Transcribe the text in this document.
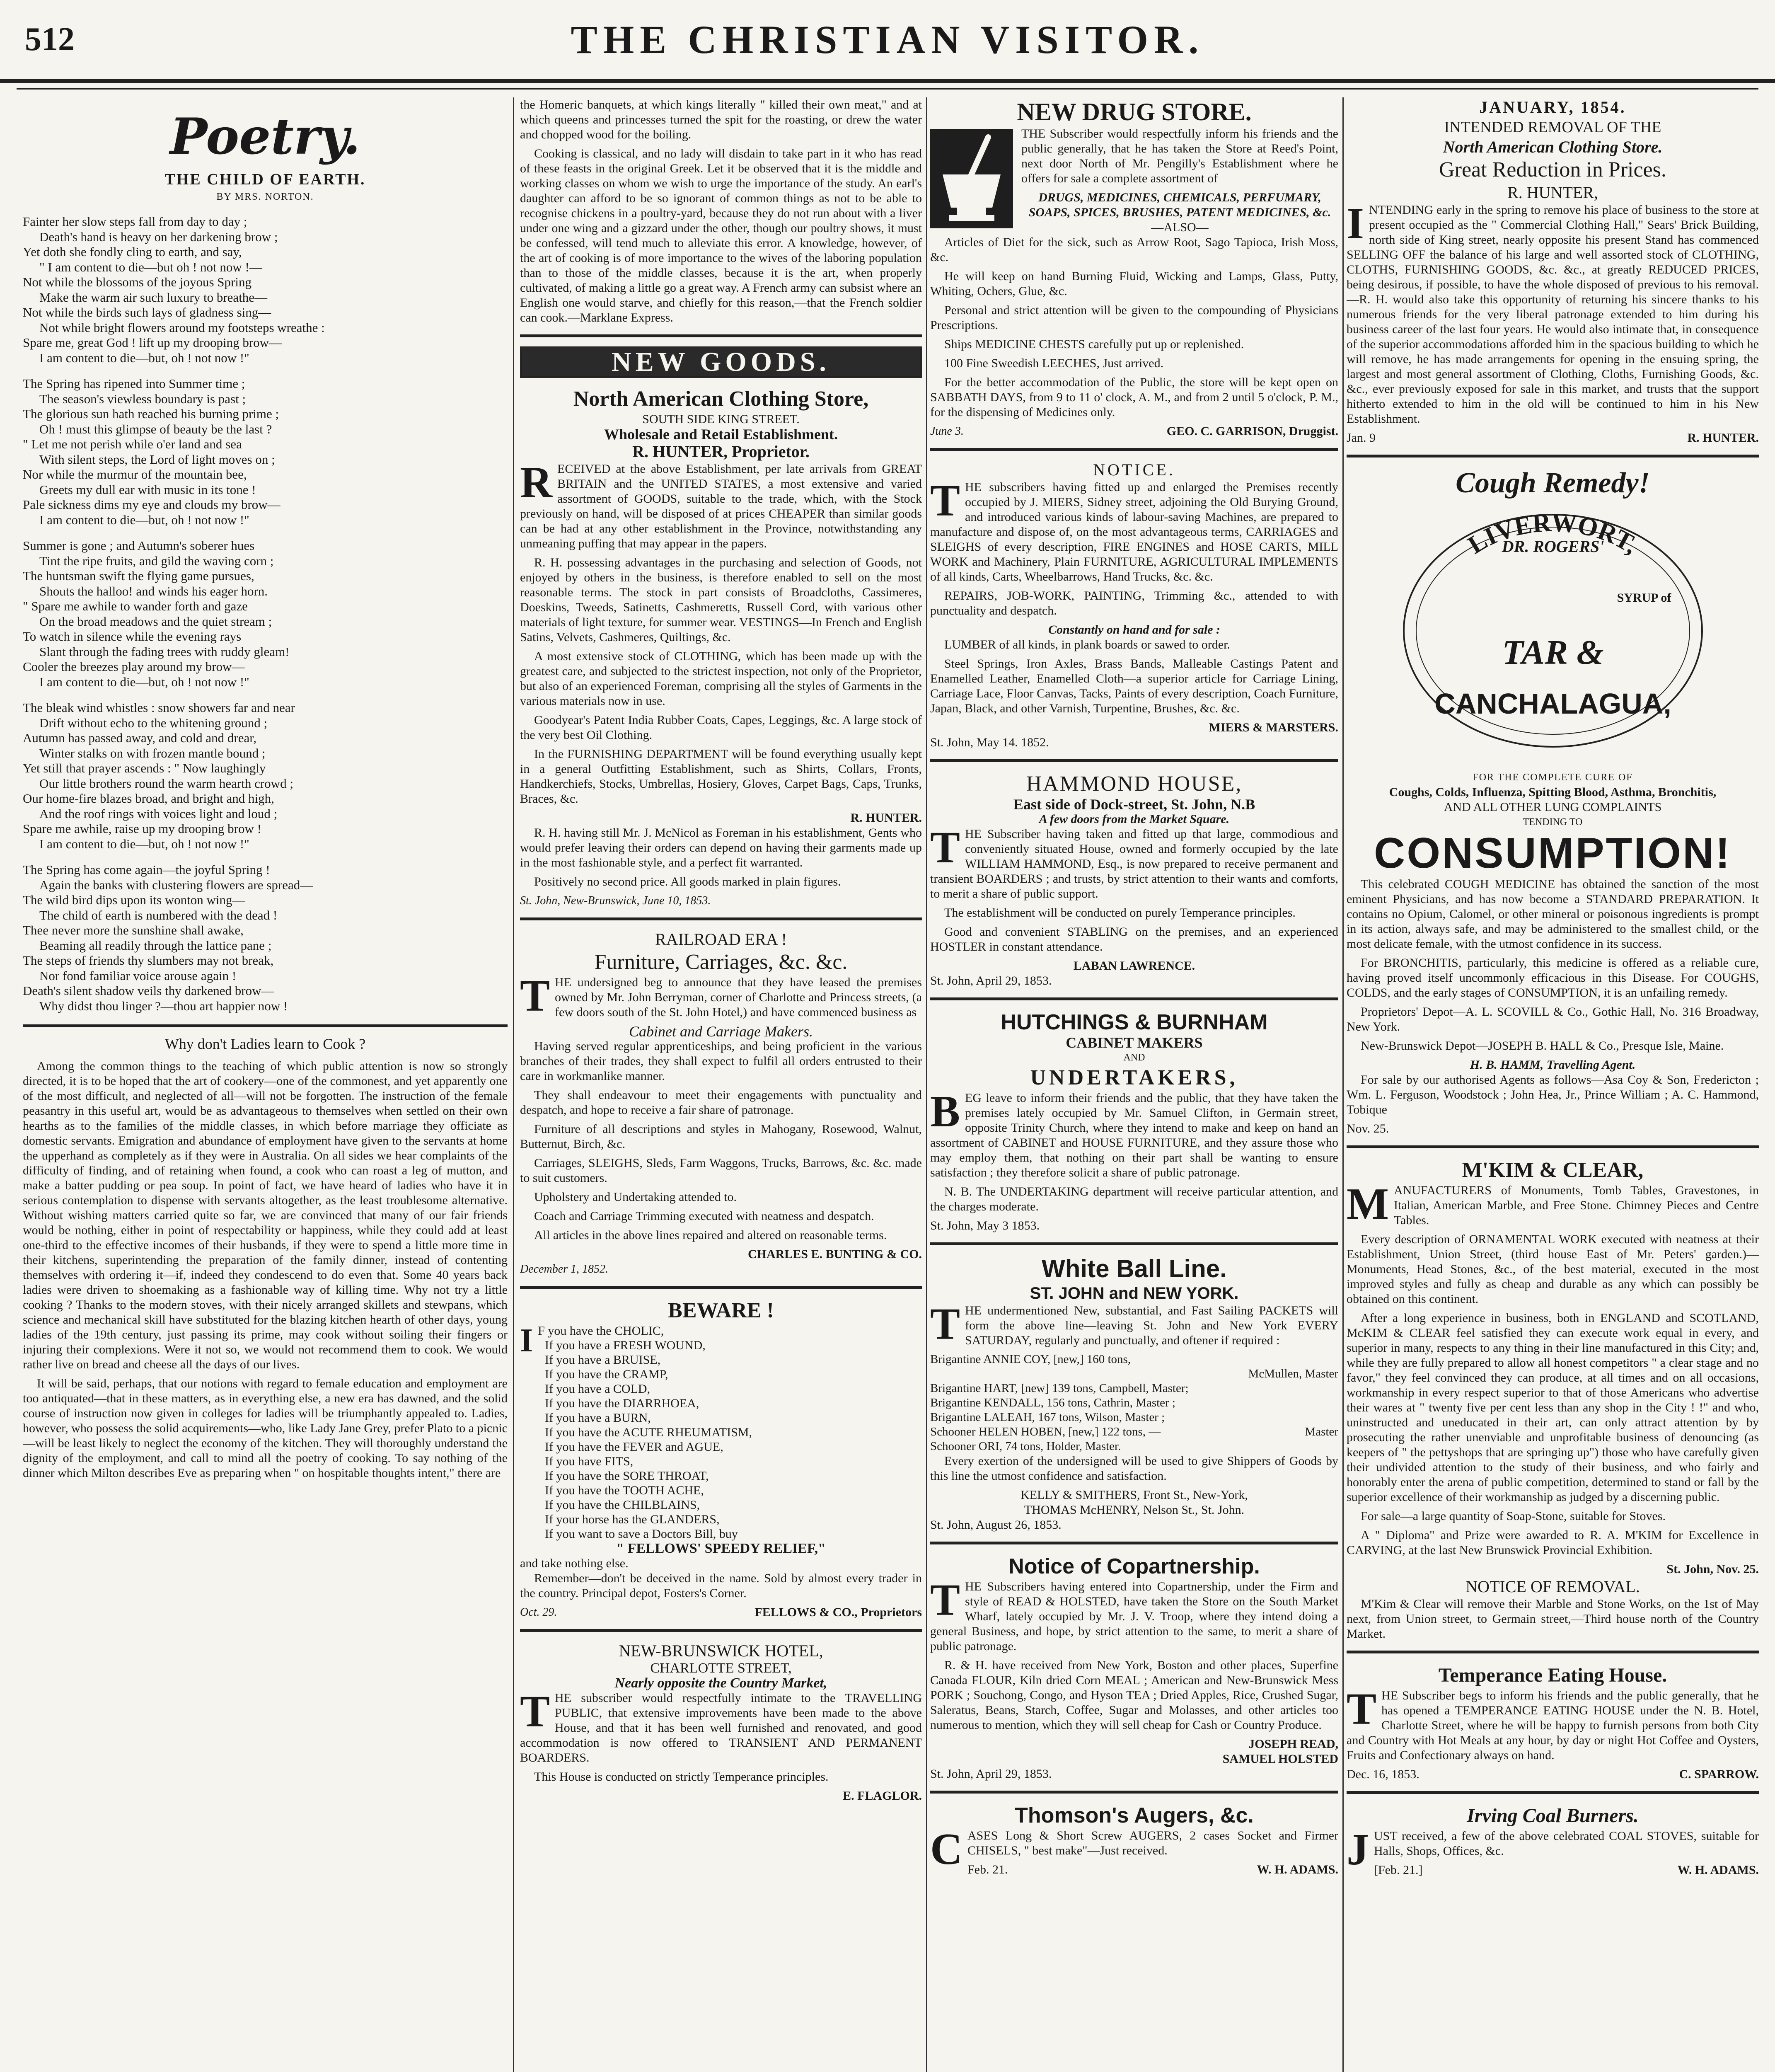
512	THE CHRISTIAN VISITOR.
Poetry.
THE CHILD OF EARTH.
BY MRS. NORTON.
Fainter her slow steps fall from day to day ;
Death's hand is heavy on her darkening brow ;
Yet doth she fondly cling to earth, and say,
" I am content to die—but oh ! not now !—
Not while the blossoms of the joyous Spring
Make the warm air such luxury to breathe—
Not while the birds such lays of gladness sing—
Not while bright flowers around my footsteps wreathe :
Spare me, great God ! lift up my drooping brow—
I am content to die—but, oh ! not now !"
The Spring has ripened into Summer time ;
The season's viewless boundary is past ;
The glorious sun hath reached his burning prime ;
Oh ! must this glimpse of beauty be the last ?
" Let me not perish while o'er land and sea
With silent steps, the Lord of light moves on ;
Nor while the murmur of the mountain bee,
Greets my dull ear with music in its tone !
Pale sickness dims my eye and clouds my brow—
I am content to die—but, oh ! not now !"
Summer is gone ; and Autumn's soberer hues
Tint the ripe fruits, and gild the waving corn ;
The huntsman swift the flying game pursues,
Shouts the halloo! and winds his eager horn.
" Spare me awhile to wander forth and gaze
On the broad meadows and the quiet stream ;
To watch in silence while the evening rays
Slant through the fading trees with ruddy gleam!
Cooler the breezes play around my brow—
I am content to die—but, oh ! not now !"
The bleak wind whistles : snow showers far and near
Drift without echo to the whitening ground ;
Autumn has passed away, and cold and drear,
Winter stalks on with frozen mantle bound ;
Yet still that prayer ascends : " Now laughingly
Our little brothers round the warm hearth crowd ;
Our home-fire blazes broad, and bright and high,
And the roof rings with voices light and loud ;
Spare me awhile, raise up my drooping brow !
I am content to die—but, oh ! not now !"
The Spring has come again—the joyful Spring !
Again the banks with clustering flowers are spread—
The wild bird dips upon its wonton wing—
The child of earth is numbered with the dead !
Thee never more the sunshine shall awake,
Beaming all readily through the lattice pane ;
The steps of friends thy slumbers may not break,
Nor fond familiar voice arouse again !
Death's silent shadow veils thy darkened brow—
Why didst thou linger ?—thou art happier now !
Why don't Ladies learn to Cook ?

Among the common things to the teaching of which public attention is now so strongly directed, it is to be hoped that the art of cookery—one of the commonest, and yet apparently one of the most difficult, and neglected of all—will not be forgotten. The instruction of the female peasantry in this useful art, would be as advantageous to themselves when settled on their own hearths as to the families of the middle classes, in which before marriage they officiate as domestic servants. Emigration and abundance of employment have given to the servants at home the upperhand as completely as if they were in Australia. On all sides we hear complaints of the difficulty of finding, and of retaining when found, a cook who can roast a leg of mutton, and make a batter pudding or pea soup. In point of fact, we have heard of ladies who have it in serious contemplation to dispense with servants altogether, as the least troublesome alternative. Without wishing matters carried quite so far, we are convinced that many of our fair friends would be nothing, either in point of respectability or happiness, while they could add at least one-third to the effective incomes of their husbands, if they were to spend a little more time in their kitchens, superintending the preparation of the family dinner, instead of contenting themselves with ordering it—if, indeed they condescend to do even that. Some 40 years back ladies were driven to shoemaking as a fashionable way of killing time. Why not try a little cooking ? Thanks to the modern stoves, with their nicely arranged skillets and stewpans, which science and mechanical skill have substituted for the blazing kitchen hearth of other days, young ladies of the 19th century, just passing its prime, may cook without soiling their fingers or injuring their complexions. Were it not so, we would not recommend them to cook. We would rather live on bread and cheese all the days of our lives.

It will be said, perhaps, that our notions with regard to female education and employment are too antiquated—that in these matters, as in everything else, a new era has dawned, and the solid course of instruction now given in colleges for ladies will be triumphantly appealed to. Ladies, however, who possess the solid acquirements—who, like Lady Jane Grey, prefer Plato to a picnic—will be least likely to neglect the economy of the kitchen. They will thoroughly understand the dignity of the employment, and call to mind all the poetry of cooking. To say nothing of the dinner which Milton describes Eve as preparing when " on hospitable thoughts intent," there are

the Homeric banquets, at which kings literally " killed their own meat," and at which queens and princesses turned the spit for the roasting, or drew the water and chopped wood for the boiling.

Cooking is classical, and no lady will disdain to take part in it who has read of these feasts in the original Greek. Let it be observed that it is the middle and working classes on whom we wish to urge the importance of the study. An earl's daughter can afford to be so ignorant of common things as not to be able to recognise chickens in a poultry-yard, because they do not run about with a liver under one wing and a gizzard under the other, though our poultry shows, it must be confessed, will tend much to alleviate this error. A knowledge, however, of the art of cooking is of more importance to the wives of the laboring population than to those of the middle classes, because it is the art, when properly cultivated, of making a little go a great way. A French army can subsist where an English one would starve, and chiefly for this reason,—that the French soldier can cook.—Marklane Express.

NEW GOODS.
North American Clothing Store,
SOUTH SIDE KING STREET.
Wholesale and Retail Establishment.
R. HUNTER, Proprietor.

RECEIVED at the above Establishment, per late arrivals from GREAT BRITAIN and the UNITED STATES, a most extensive and varied assortment of GOODS, suitable to the trade, which, with the Stock previously on hand, will be disposed of at prices CHEAPER than similar goods can be had at any other establishment in the Province, notwithstanding any unmeaning puffing that may appear in the papers.

R. H. possessing advantages in the purchasing and selection of Goods, not enjoyed by others in the business, is therefore enabled to sell on the most reasonable terms. The stock in part consists of Broadcloths, Cassimeres, Doeskins, Tweeds, Satinetts, Cashmeretts, Russell Cord, with various other materials of light texture, for summer wear. VESTINGS—In French and English Satins, Velvets, Cashmeres, Quiltings, &c.

A most extensive stock of CLOTHING, which has been made up with the greatest care, and subjected to the strictest inspection, not only of the Proprietor, but also of an experienced Foreman, comprising all the styles of Garments in the various materials now in use.

Goodyear's Patent India Rubber Coats, Capes, Leggings, &c. A large stock of the very best Oil Clothing.

In the FURNISHING DEPARTMENT will be found everything usually kept in a general Outfitting Establishment, such as Shirts, Collars, Fronts, Handkerchiefs, Stocks, Umbrellas, Hosiery, Gloves, Carpet Bags, Caps, Trunks, Braces, &c.

R. HUNTER.

R. H. having still Mr. J. McNicol as Foreman in his establishment, Gents who would prefer leaving their orders can depend on having their garments made up in the most fashionable style, and a perfect fit warranted.

Positively no second price. All goods marked in plain figures.

St. John, New-Brunswick, June 10, 1853.
RAILROAD ERA !
Furniture, Carriages, &c. &c.

THE undersigned beg to announce that they have leased the premises owned by Mr. John Berryman, corner of Charlotte and Princess streets, (a few doors south of the St. John Hotel,) and have commenced business as

Cabinet and Carriage Makers.

Having served regular apprenticeships, and being proficient in the various branches of their trades, they shall expect to fulfil all orders entrusted to their care in workmanlike manner.

They shall endeavour to meet their engagements with punctuality and despatch, and hope to receive a fair share of patronage.

Furniture of all descriptions and styles in Mahogany, Rosewood, Walnut, Butternut, Birch, &c.

Carriages, SLEIGHS, Sleds, Farm Waggons, Trucks, Barrows, &c. &c. made to suit customers.

Upholstery and Undertaking attended to.

Coach and Carriage Trimming executed with neatness and despatch.

All articles in the above lines repaired and altered on reasonable terms.

CHARLES E. BUNTING & CO.
December 1, 1852.
BEWARE !
I F you have the CHOLIC,
If you have a FRESH WOUND,
If you have a BRUISE,
If you have the CRAMP,
If you have a COLD,
If you have the DIARRHOEA,
If you have a BURN,
If you have the ACUTE RHEUMATISM,
If you have the FEVER and AGUE,
If you have FITS,
If you have the SORE THROAT,
If you have the TOOTH ACHE,
If you have the CHILBLAINS,
If your horse has the GLANDERS,
If you want to save a Doctors Bill, buy
" FELLOWS' SPEEDY RELIEF,"
and take nothing else.

Remember—don't be deceived in the name. Sold by almost every trader in the country. Principal depot, Fosters's Corner.

Oct. 29.	FELLOWS & CO., Proprietors
NEW-BRUNSWICK HOTEL,
CHARLOTTE STREET,
Nearly opposite the Country Market,

THE subscriber would respectfully intimate to the TRAVELLING PUBLIC, that extensive improvements have been made to the above House, and that it has been well furnished and renovated, and good accommodation is now offered to TRANSIENT AND PERMANENT BOARDERS.

This House is conducted on strictly Temperance principles.

E. FLAGLOR.
NEW DRUG STORE.

THE Subscriber would respectfully inform his friends and the public generally, that he has taken the Store at Reed's Point, next door North of Mr. Pengilly's Establishment where he offers for sale a complete assortment of

DRUGS, MEDICINES, CHEMICALS, PERFUMARY, SOAPS, SPICES, BRUSHES, PATENT MEDICINES, &c.
—ALSO—

Articles of Diet for the sick, such as Arrow Root, Sago Tapioca, Irish Moss, &c.

He will keep on hand Burning Fluid, Wicking and Lamps, Glass, Putty, Whiting, Ochers, Glue, &c.

Personal and strict attention will be given to the compounding of Physicians Prescriptions.

Ships MEDICINE CHESTS carefully put up or replenished.

100 Fine Sweedish LEECHES, Just arrived.

For the better accommodation of the Public, the store will be kept open on SABBATH DAYS, from 9 to 11 o' clock, A. M., and from 2 until 5 o'clock, P. M., for the dispensing of Medicines only.

June 3.	GEO. C. GARRISON, Druggist.
NOTICE.

THE subscribers having fitted up and enlarged the Premises recently occupied by J. MIERS, Sidney street, adjoining the Old Burying Ground, and introduced various kinds of labour-saving Machines, are prepared to manufacture and dispose of, on the most advantageous terms, CARRIAGES and SLEIGHS of every description, FIRE ENGINES and HOSE CARTS, MILL WORK and Machinery, Plain FURNITURE, AGRICULTURAL IMPLEMENTS of all kinds, Carts, Wheelbarrows, Hand Trucks, &c. &c.

REPAIRS, JOB-WORK, PAINTING, Trimming &c., attended to with punctuality and despatch.

Constantly on hand and for sale :

LUMBER of all kinds, in plank boards or sawed to order.

Steel Springs, Iron Axles, Brass Bands, Malleable Castings Patent and Enamelled Leather, Enamelled Cloth—a superior article for Carriage Lining, Carriage Lace, Floor Canvas, Tacks, Paints of every description, Coach Furniture, Japan, Black, and other Varnish, Turpentine, Brushes, &c. &c.

MIERS & MARSTERS.
St. John, May 14. 1852.
HAMMOND HOUSE,
East side of Dock-street, St. John, N.B
A few doors from the Market Square.

THE Subscriber having taken and fitted up that large, commodious and conveniently situated House, owned and formerly occupied by the late WILLIAM HAMMOND, Esq., is now prepared to receive permanent and transient BOARDERS ; and trusts, by strict attention to their wants and comforts, to merit a share of public support.

The establishment will be conducted on purely Temperance principles.

Good and convenient STABLING on the premises, and an experienced HOSTLER in constant attendance.

LABAN LAWRENCE.
St. John, April 29, 1853.
HUTCHINGS & BURNHAM
CABINET MAKERS
AND
UNDERTAKERS,

BEG leave to inform their friends and the public, that they have taken the premises lately occupied by Mr. Samuel Clifton, in Germain street, opposite Trinity Church, where they intend to make and keep on hand an assortment of CABINET and HOUSE FURNITURE, and they assure those who may employ them, that nothing on their part shall be wanting to ensure satisfaction ; they therefore solicit a share of public patronage.

N. B. The UNDERTAKING department will receive particular attention, and the charges moderate.

St. John, May 3 1853.
White Ball Line.
ST. JOHN and NEW YORK.

THE undermentioned New, substantial, and Fast Sailing PACKETS will form the above line—leaving St. John and New York EVERY SATURDAY, regularly and punctually, and oftener if required :

Brigantine ANNIE COY, [new,] 160 tons,
McMullen, Master
Brigantine HART, [new] 139 tons, Campbell, Master;
Brigantine KENDALL, 156 tons, Cathrin, Master ;
Brigantine LALEAH, 167 tons, Wilson, Master ;
Schooner HELEN HOBEN, [new,] 122 tons, —	Master
Schooner ORI, 74 tons, Holder, Master.

Every exertion of the undersigned will be used to give Shippers of Goods by this line the utmost confidence and satisfaction.

KELLY & SMITHERS, Front St., New-York,
THOMAS McHENRY, Nelson St., St. John.
St. John, August 26, 1853.
Notice of Copartnership.

THE Subscribers having entered into Copartnership, under the Firm and style of READ & HOLSTED, have taken the Store on the South Market Wharf, lately occupied by Mr. J. V. Troop, where they intend doing a general Business, and hope, by strict attention to the same, to merit a share of public patronage.

R. & H. have received from New York, Boston and other places, Superfine Canada FLOUR, Kiln dried Corn MEAL ; American and New-Brunswick Mess PORK ; Souchong, Congo, and Hyson TEA ; Dried Apples, Rice, Crushed Sugar, Saleratus, Beans, Starch, Coffee, Sugar and Molasses, and other articles too numerous to mention, which they will sell cheap for Cash or Country Produce.

JOSEPH READ,
SAMUEL HOLSTED
St. John, April 29, 1853.
Thomson's Augers, &c.

CASES Long & Short Screw AUGERS, 2 cases Socket and Firmer CHISELS, " best make"—Just received.

Feb. 21.	W. H. ADAMS.
JANUARY, 1854.
INTENDED REMOVAL OF THE
North American Clothing Store.
Great Reduction in Prices.
R. HUNTER,

INTENDING early in the spring to remove his place of business to the store at present occupied as the " Commercial Clothing Hall," Sears' Brick Building, north side of King street, nearly opposite his present Stand has commenced SELLING OFF the balance of his large and well assorted stock of CLOTHING, CLOTHS, FURNISHING GOODS, &c. &c., at greatly REDUCED PRICES, being desirous, if possible, to have the whole disposed of previous to his removal.—R. H. would also take this opportunity of returning his sincere thanks to his numerous friends for the very liberal patronage extended to him during his business career of the last four years. He would also intimate that, in consequence of the superior accommodations afforded him in the spacious building to which he will remove, he has made arrangements for opening in the ensuing spring, the largest and most general assortment of Clothing, Cloths, Furnishing Goods, &c. &c., ever previously exposed for sale in this market, and trusts that the support hitherto extended to him in the old will be continued to him in his New Establishment.

Jan. 9	R. HUNTER.
Cough Remedy!
LIVERWORT,
DR. ROGERS'
SYRUP of
TAR &
CANCHALAGUA,
FOR THE COMPLETE CURE OF
Coughs, Colds, Influenza, Spitting Blood, Asthma, Bronchitis,
AND ALL OTHER LUNG COMPLAINTS
TENDING TO
CONSUMPTION!

This celebrated COUGH MEDICINE has obtained the sanction of the most eminent Physicians, and has now become a STANDARD PREPARATION. It contains no Opium, Calomel, or other mineral or poisonous ingredients is prompt in its action, always safe, and may be administered to the smallest child, or the most delicate female, with the utmost confidence in its success.

For BRONCHITIS, particularly, this medicine is offered as a reliable cure, having proved itself uncommonly efficacious in this Disease. For COUGHS, COLDS, and the early stages of CONSUMPTION, it is an unfailing remedy.

Proprietors' Depot—A. L. SCOVILL & Co., Gothic Hall, No. 316 Broadway, New York.

New-Brunswick Depot—JOSEPH B. HALL & Co., Presque Isle, Maine.

H. B. HAMM, Travelling Agent.

For sale by our authorised Agents as follows—Asa Coy & Son, Fredericton ; Wm. L. Ferguson, Woodstock ; John Hea, Jr., Prince William ; A. C. Hammond, Tobique

Nov. 25.
M'KIM & CLEAR,

MANUFACTURERS of Monuments, Tomb Tables, Gravestones, in Italian, American Marble, and Free Stone. Chimney Pieces and Centre Tables.

Every description of ORNAMENTAL WORK executed with neatness at their Establishment, Union Street, (third house East of Mr. Peters' garden.)—Monuments, Head Stones, &c., of the best material, executed in the most improved styles and fully as cheap and durable as any which can possibly be obtained on this continent.

After a long experience in business, both in ENGLAND and SCOTLAND, McKIM & CLEAR feel satisfied they can execute work equal in every, and superior in many, respects to any thing in their line manufactured in this City; and, while they are fully prepared to allow all honest competitors " a clear stage and no favor," they feel convinced they can produce, at all times and on all occasions, workmanship in every respect superior to that of those Americans who advertise their wares at " twenty five per cent less than any shop in the City ! !" and who, uninstructed and uneducated in their art, can only attract attention by by prosecuting the rather unenviable and unprofitable business of denouncing (as keepers of " the pettyshops that are springing up") those who have carefully given their undivided attention to the study of their business, and who fairly and honorably enter the arena of public competition, determined to stand or fall by the superior excellence of their workmanship as judged by a discerning public.

For sale—a large quantity of Soap-Stone, suitable for Stoves.

A " Diploma" and Prize were awarded to R. A. M'KIM for Excellence in CARVING, at the last New Brunswick Provincial Exhibition.

St. John, Nov. 25.
NOTICE OF REMOVAL.

M'Kim & Clear will remove their Marble and Stone Works, on the 1st of May next, from Union street, to Germain street,—Third house north of the Country Market.

Temperance Eating House.

THE Subscriber begs to inform his friends and the public generally, that he has opened a TEMPERANCE EATING HOUSE under the N. B. Hotel, Charlotte Street, where he will be happy to furnish persons from both City and Country with Hot Meals at any hour, by day or night Hot Coffee and Oysters, Fruits and Confectionary always on hand.

Dec. 16, 1853.	C. SPARROW.
Irving Coal Burners.

JUST received, a few of the above celebrated COAL STOVES, suitable for Halls, Shops, Offices, &c.

[Feb. 21.]	W. H. ADAMS.
